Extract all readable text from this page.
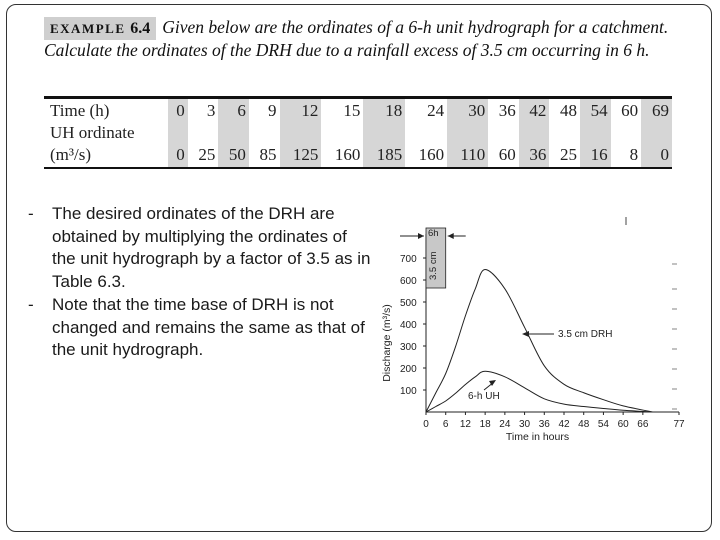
EXAMPLE 6.4 Given below are the ordinates of a 6-h unit hydrograph for a catchment. Calculate the ordinates of the DRH due to a rainfall excess of 3.5 cm occurring in 6 h.
Time (h)	0	3	6	9	12	15	18	24	30	36	42	48	54	60	69
UH ordinate															
(m³/s)	0	25	50	85	125	160	185	160	110	60	36	25	16	8	0
-	The desired ordinates of the DRH are obtained by multiplying the ordinates of the unit hydrograph by a factor of 3.5 as in Table 6.3.
-	Note that the time base of DRH is not changed and remains the same as that of the unit hydrograph.
100
200
300
400
500
600
700
0 6 12 18 24 30 36 42 48 54 60 66	77
Time in hours
Discharge (m³/s)
6h
3.5 cm
3.5 cm DRH
6-h UH
